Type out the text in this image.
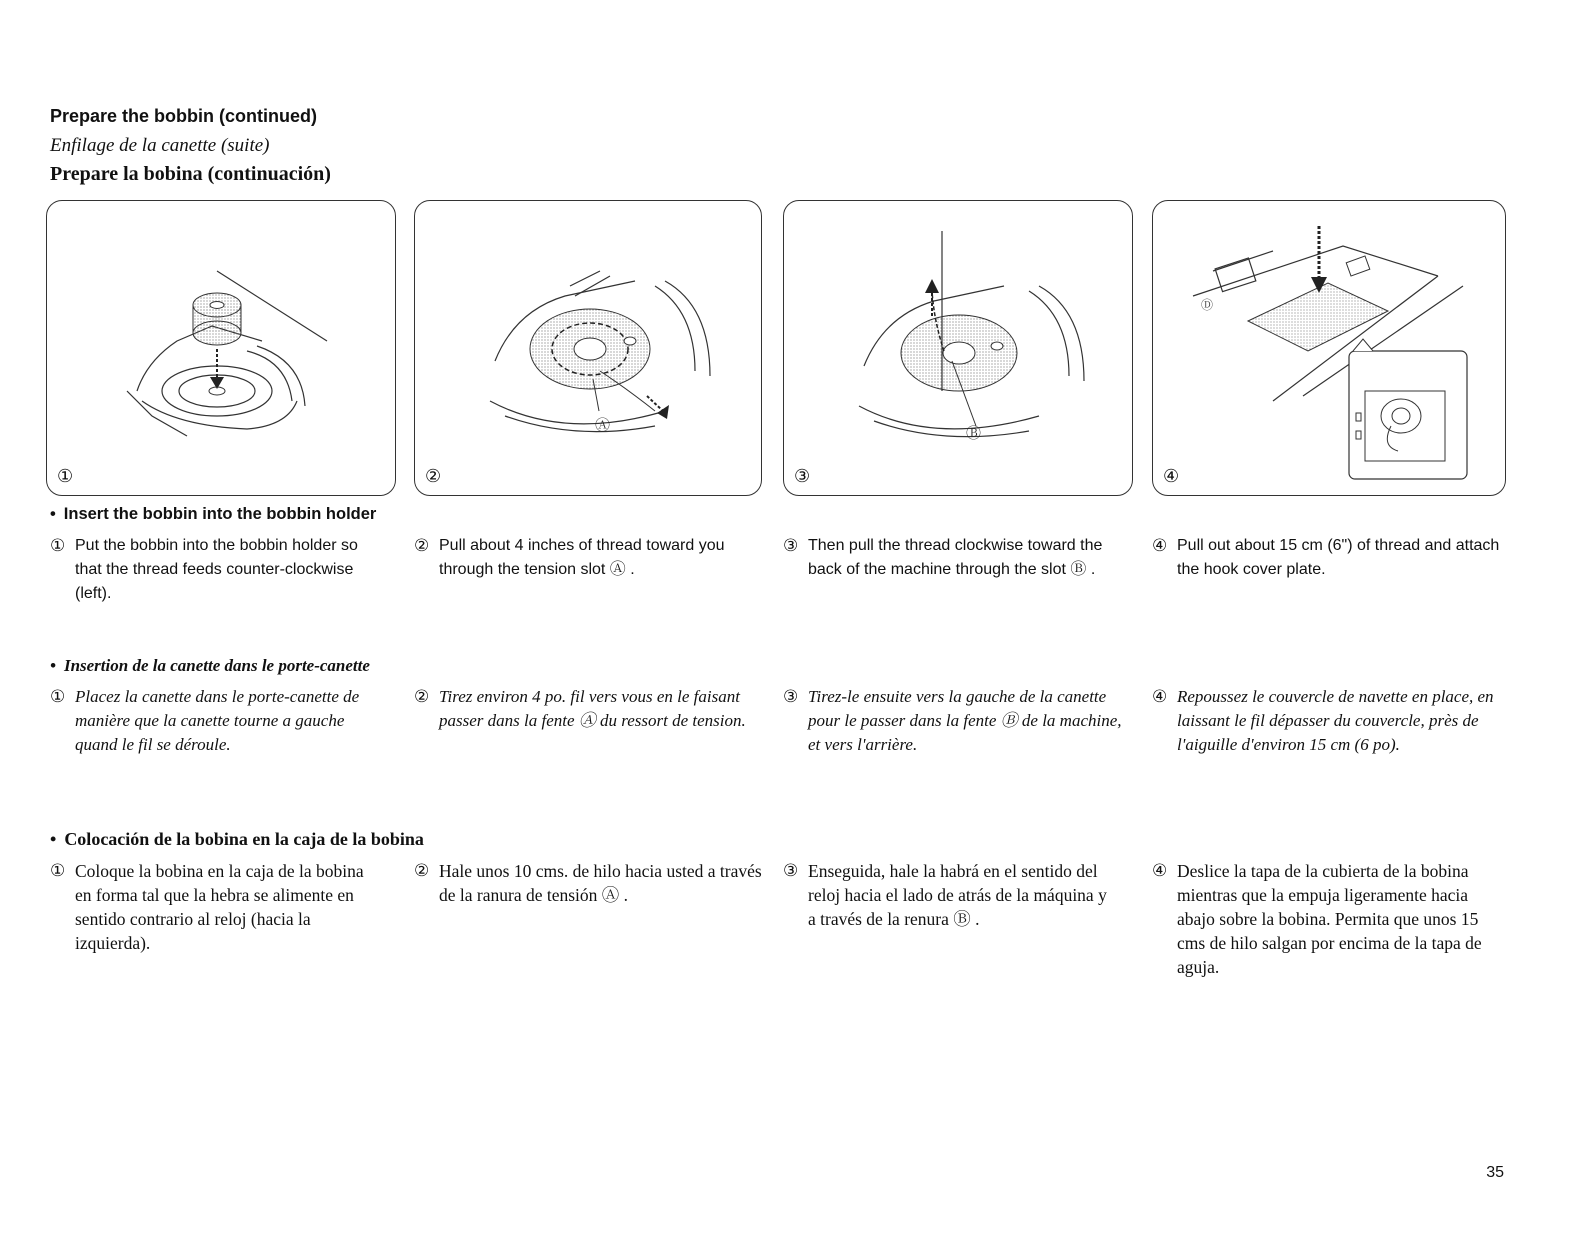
Prepare the bobbin (continued)
Enfilage de la canette (suite)
Prepare la bobina (continuación)
①
Ⓐ
②
Ⓑ
③
Ⓓ
④
• Insert the bobbin into the bobbin holder
① Put the bobbin into the bobbin holder so that the thread feeds counter-clockwise (left).
② Pull about 4 inches of thread toward you through the tension slot Ⓐ .
③ Then pull the thread clockwise toward the back of the machine through the slot Ⓑ .
④ Pull out about 15 cm (6") of thread and attach the hook cover plate.
• Insertion de la canette dans le porte-canette
① Placez la canette dans le porte-canette de manière que la canette tourne a gauche quand le fil se déroule.
② Tirez environ 4 po. fil vers vous en le faisant passer dans la fente Ⓐ du ressort de tension.
③ Tirez-le ensuite vers la gauche de la canette pour le passer dans la fente Ⓑ de la machine, et vers l'arrière.
④ Repoussez le couvercle de navette en place, en laissant le fil dépasser du couvercle, près de l'aiguille d'environ 15 cm (6 po).
• Colocación de la bobina en la caja de la bobina
① Coloque la bobina en la caja de la bobina en forma tal que la hebra se alimente en sentido contrario al reloj (hacia la izquierda).
② Hale unos 10 cms. de hilo hacia usted a través de la ranura de tensión Ⓐ .
③ Enseguida, hale la habrá en el sentido del reloj hacia el lado de atrás de la máquina y a través de la renura Ⓑ .
④ Deslice la tapa de la cubierta de la bobina mientras que la empuja ligeramente hacia abajo sobre la bobina. Permita que unos 15 cms de hilo salgan por encima de la tapa de aguja.
35
